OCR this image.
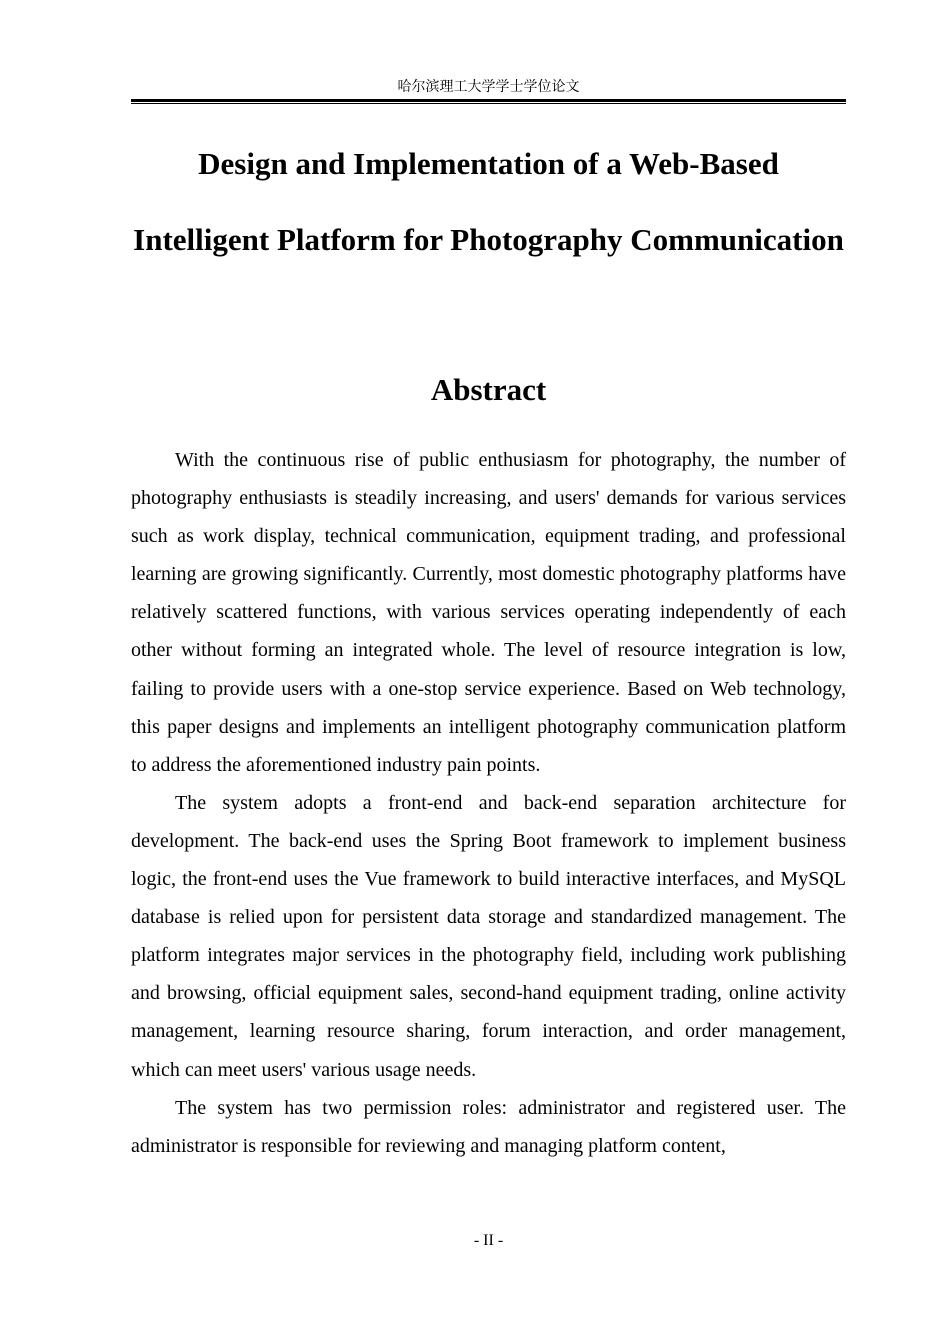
哈尔滨理工大学学士学位论文
Design and Implementation of a Web-Based Intelligent Platform for Photography Communication
Abstract

With the continuous rise of public enthusiasm for photography, the number of photography enthusiasts is steadily increasing, and users' demands for various services such as work display, technical communication, equipment trading, and professional learning are growing significantly. Currently, most domestic photography platforms have relatively scattered functions, with various services operating independently of each other without forming an integrated whole. The level of resource integration is low, failing to provide users with a one-stop service experience. Based on Web technology, this paper designs and implements an intelligent photography communication platform to address the aforementioned industry pain points.

The system adopts a front-end and back-end separation architecture for development. The back-end uses the Spring Boot framework to implement business logic, the front-end uses the Vue framework to build interactive interfaces, and MySQL database is relied upon for persistent data storage and standardized management. The platform integrates major services in the photography field, including work publishing and browsing, official equipment sales, second-hand equipment trading, online activity management, learning resource sharing, forum interaction, and order management, which can meet users' various usage needs.

The system has two permission roles: administrator and registered user. The administrator is responsible for reviewing and managing platform content,

- II -
